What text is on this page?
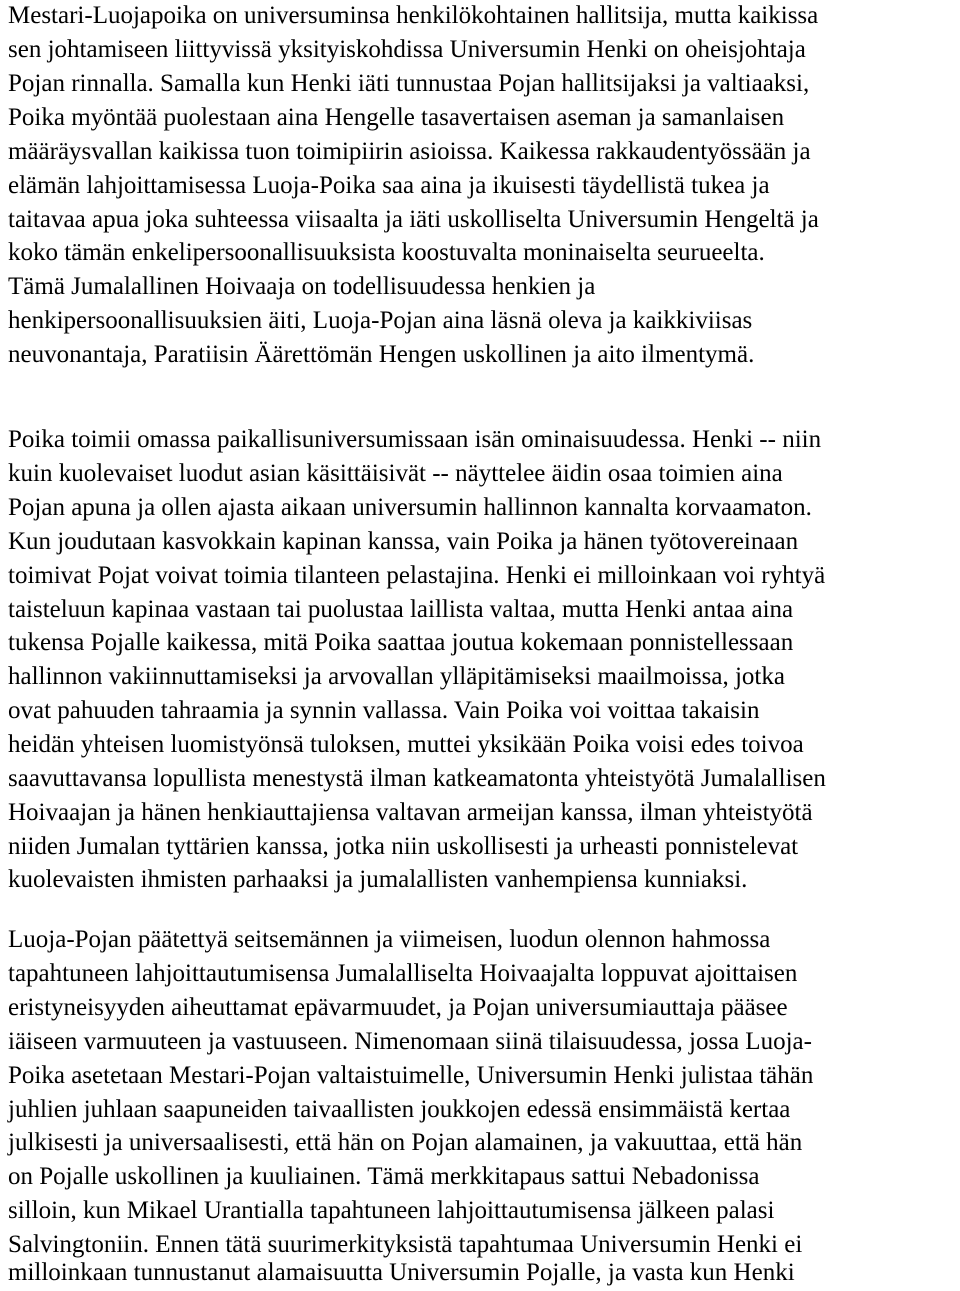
Mestari-Luojapoika on universuminsa henkilökohtainen hallitsija, mutta kaikissa
sen johtamiseen liittyvissä yksityiskohdissa Universumin Henki on oheisjohtaja
Pojan rinnalla. Samalla kun Henki iäti tunnustaa Pojan hallitsijaksi ja valtiaaksi,
Poika myöntää puolestaan aina Hengelle tasavertaisen aseman ja samanlaisen
määräysvallan kaikissa tuon toimipiirin asioissa. Kaikessa rakkaudentyössään ja
elämän lahjoittamisessa Luoja-Poika saa aina ja ikuisesti täydellistä tukea ja
taitavaa apua joka suhteessa viisaalta ja iäti uskolliselta Universumin Hengeltä ja
koko tämän enkelipersoonallisuuksista koostuvalta moninaiselta seurueelta.
Tämä Jumalallinen Hoivaaja on todellisuudessa henkien ja
henkipersoonallisuuksien äiti, Luoja-Pojan aina läsnä oleva ja kaikkiviisas
neuvonantaja, Paratiisin Äärettömän Hengen uskollinen ja aito ilmentymä.
Poika toimii omassa paikallisuniversumissaan isän ominaisuudessa. Henki -- niin
kuin kuolevaiset luodut asian käsittäisivät -- näyttelee äidin osaa toimien aina
Pojan apuna ja ollen ajasta aikaan universumin hallinnon kannalta korvaamaton.
Kun joudutaan kasvokkain kapinan kanssa, vain Poika ja hänen työtovereinaan
toimivat Pojat voivat toimia tilanteen pelastajina. Henki ei milloinkaan voi ryhtyä
taisteluun kapinaa vastaan tai puolustaa laillista valtaa, mutta Henki antaa aina
tukensa Pojalle kaikessa, mitä Poika saattaa joutua kokemaan ponnistellessaan
hallinnon vakiinnuttamiseksi ja arvovallan ylläpitämiseksi maailmoissa, jotka
ovat pahuuden tahraamia ja synnin vallassa. Vain Poika voi voittaa takaisin
heidän yhteisen luomistyönsä tuloksen, muttei yksikään Poika voisi edes toivoa
saavuttavansa lopullista menestystä ilman katkeamatonta yhteistyötä Jumalallisen
Hoivaajan ja hänen henkiauttajiensa valtavan armeijan kanssa, ilman yhteistyötä
niiden Jumalan tyttärien kanssa, jotka niin uskollisesti ja urheasti ponnistelevat
kuolevaisten ihmisten parhaaksi ja jumalallisten vanhempiensa kunniaksi.
Luoja-Pojan päätettyä seitsemännen ja viimeisen, luodun olennon hahmossa
tapahtuneen lahjoittautumisensa Jumalalliselta Hoivaajalta loppuvat ajoittaisen
eristyneisyyden aiheuttamat epävarmuudet, ja Pojan universumiauttaja pääsee
iäiseen varmuuteen ja vastuuseen. Nimenomaan siinä tilaisuudessa, jossa Luoja-
Poika asetetaan Mestari-Pojan valtaistuimelle, Universumin Henki julistaa tähän
juhlien juhlaan saapuneiden taivaallisten joukkojen edessä ensimmäistä kertaa
julkisesti ja universaalisesti, että hän on Pojan alamainen, ja vakuuttaa, että hän
on Pojalle uskollinen ja kuuliainen. Tämä merkkitapaus sattui Nebadonissa
silloin, kun Mikael Urantialla tapahtuneen lahjoittautumisensa jälkeen palasi
Salvingtoniin. Ennen tätä suurimerkityksistä tapahtumaa Universumin Henki ei
milloinkaan tunnustanut alamaisuutta Universumin Pojalle, ja vasta kun Henki
